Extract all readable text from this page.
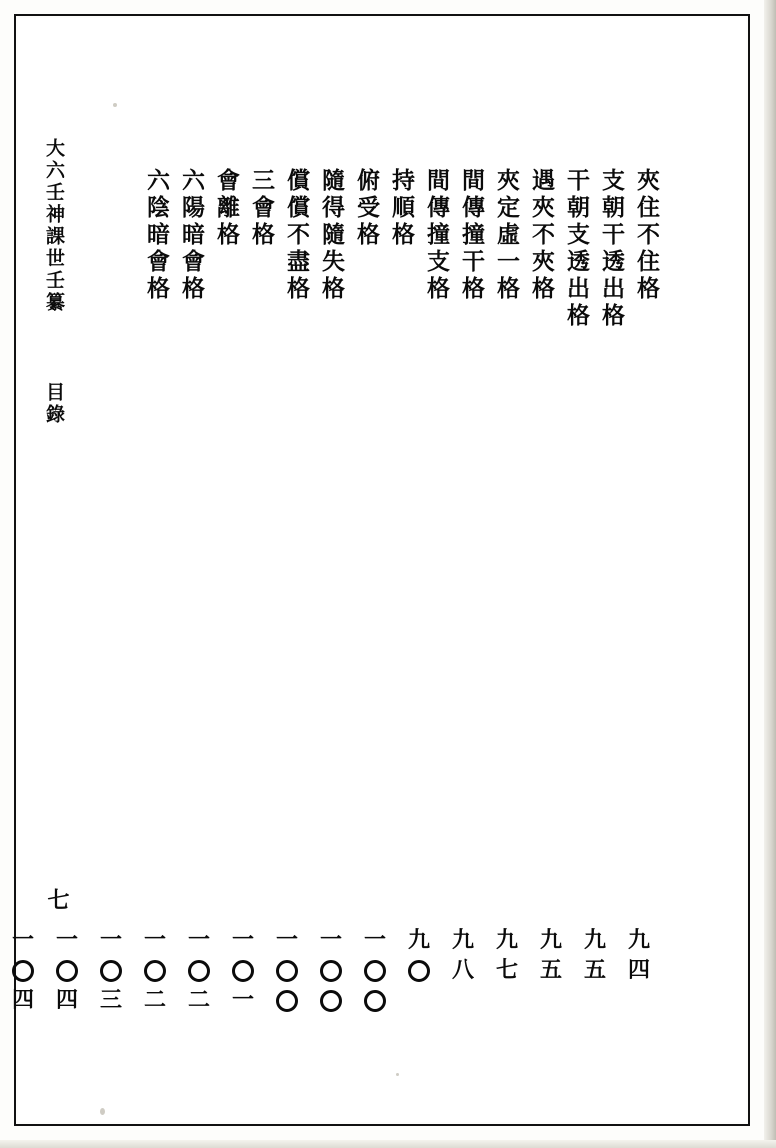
大六壬神課世壬纂  目錄
七
夾住不住格
支朝干透出格
干朝支透出格
遇夾不夾格
夾定虛一格
間傳撞干格
間傳撞支格
持順格
俯受格
隨得隨失格
償償不盡格
三會格
會離格
六陽暗會格
六陰暗會格
九
四
九
五
九
五
九
七
九
八
九
一
一
一
一
一
一
二
一
二
一
三
一
四
一
四
